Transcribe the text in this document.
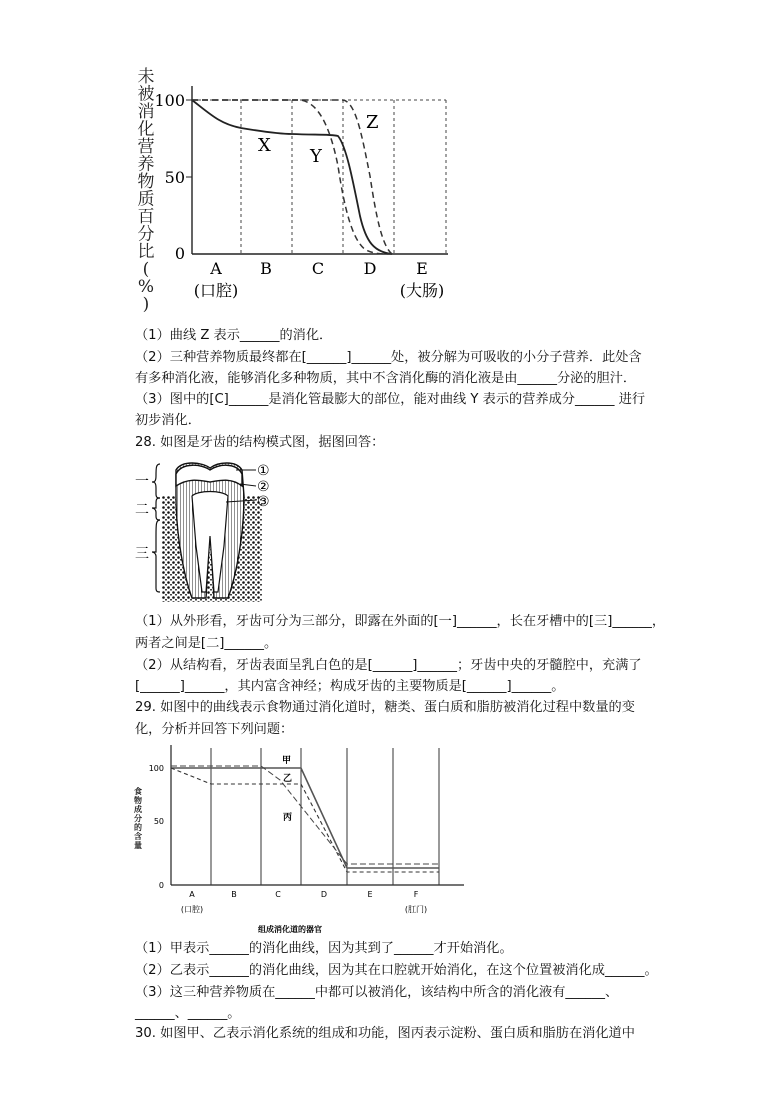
未被消化营养物质百分比( % )
100
50
0
X
Y
Z
A B C D E
(口腔)	(大肠)
（1）曲线 Z 表示______的消化．
（2）三种营养物质最终都在[______]______处，被分解为可吸收的小分子营养．此处含
有多种消化液，能够消化多种物质，其中不含消化酶的消化液是由______分泌的胆汁．
（3）图中的[C]______是消化管最膨大的部位，能对曲线 Y 表示的营养成分______ 进行
初步消化．
28. 如图是牙齿的结构模式图，据图回答：
一
二
三
①
②
③
（1）从外形看，牙齿可分为三部分，即露在外面的[一]______，长在牙槽中的[三]______，
两者之间是[二]______。
（2）从结构看，牙齿表面呈乳白色的是[______]______；牙齿中央的牙髓腔中，充满了
[______]______，其内富含神经；构成牙齿的主要物质是[______]______。
29. 如图中的曲线表示食物通过消化道时，糖类、蛋白质和脂肪被消化过程中数量的变
化，分析并回答下列问题：
食物成分的含量
100
50
0
甲
乙
丙
A	B	C	D	E	F
(口腔)	(肛门)
组成消化道的器官
（1）甲表示______的消化曲线，因为其到了______才开始消化。
（2）乙表示______的消化曲线，因为其在口腔就开始消化，在这个位置被消化成______。
（3）这三种营养物质在______中都可以被消化，该结构中所含的消化液有______、
______、______。
30. 如图甲、乙表示消化系统的组成和功能，图丙表示淀粉、蛋白质和脂肪在消化道中
